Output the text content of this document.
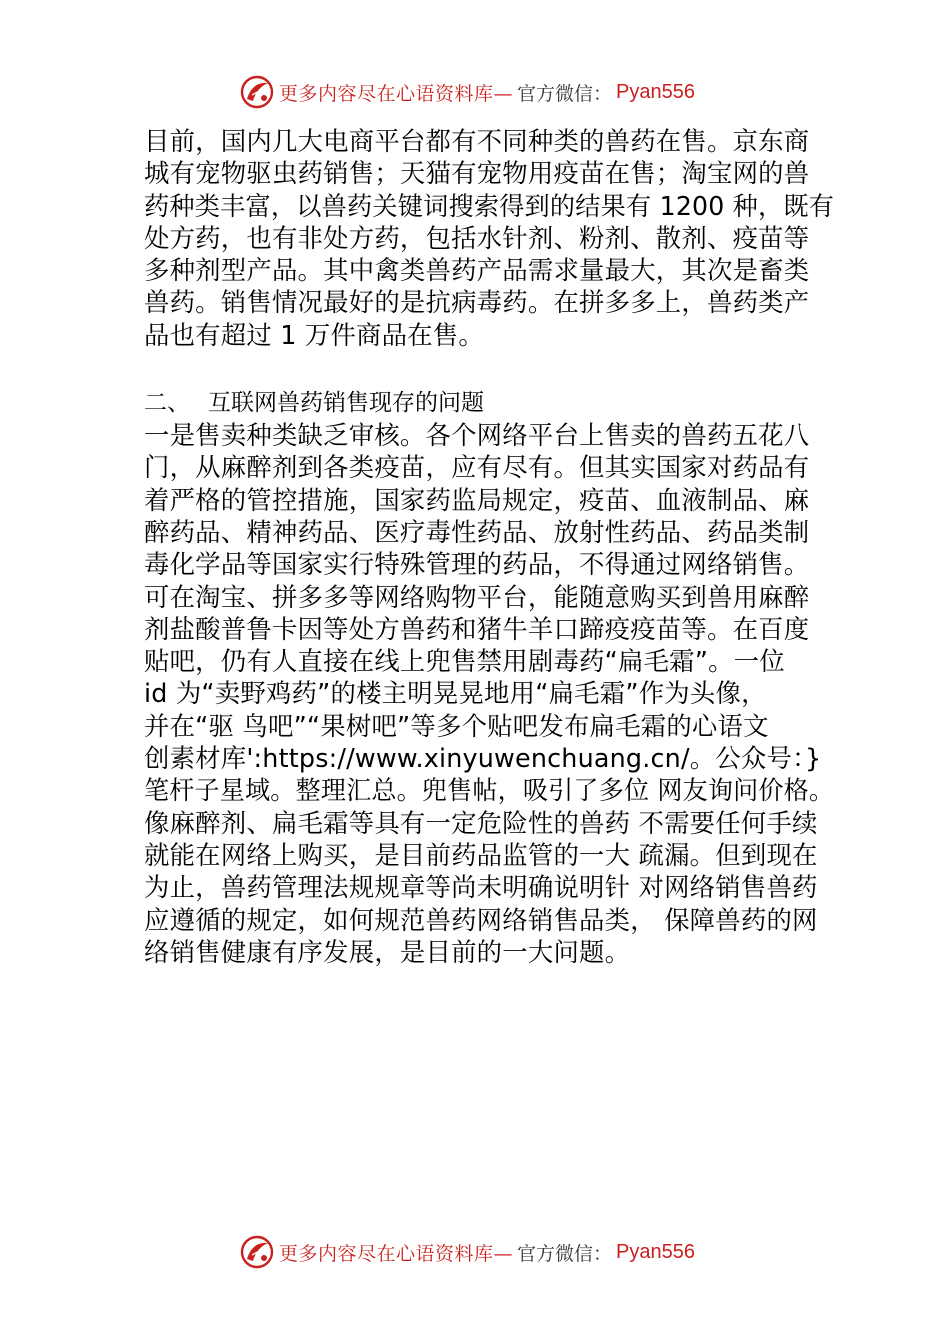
更多内容尽在心语资料库— 官方微信： Pyan556
目前，国内几大电商平台都有不同种类的兽药在售。京东商
城有宠物驱虫药销售；天猫有宠物用疫苗在售；淘宝网的兽
药种类丰富，以兽药关键词搜索得到的结果有 1200 种，既有
处方药，也有非处方药，包括水针剂、粉剂、散剂、疫苗等
多种剂型产品。其中禽类兽药产品需求量最大，其次是畜类
兽药。销售情况最好的是抗病毒药。在拼多多上，兽药类产
品也有超过 1 万件商品在售。
二、 互联网兽药销售现存的问题
一是售卖种类缺乏审核。各个网络平台上售卖的兽药五花八
门，从麻醉剂到各类疫苗，应有尽有。但其实国家对药品有
着严格的管控措施，国家药监局规定，疫苗、血液制品、麻
醉药品、精神药品、医疗毒性药品、放射性药品、药品类制
毒化学品等国家实行特殊管理的药品，不得通过网络销售。
可在淘宝、拼多多等网络购物平台，能随意购买到兽用麻醉
剂盐酸普鲁卡因等处方兽药和猪牛羊口蹄疫疫苗等。在百度
贴吧，仍有人直接在线上兜售禁用剧毒药“扁毛霜”。一位
id 为“卖野鸡药”的楼主明晃晃地用“扁毛霜”作为头像，
并在“驱 鸟吧”“果树吧”等多个贴吧发布扁毛霜的心语文
创素材库':https://www.xinyuwenchuang.cn/。公众号：}
笔杆子星域。整理汇总。兜售帖，吸引了多位 网友询问价格。
像麻醉剂、扁毛霜等具有一定危险性的兽药 不需要任何手续
就能在网络上购买，是目前药品监管的一大 疏漏。但到现在
为止，兽药管理法规规章等尚未明确说明针 对网络销售兽药
应遵循的规定，如何规范兽药网络销售品类， 保障兽药的网
络销售健康有序发展，是目前的一大问题。
更多内容尽在心语资料库— 官方微信： Pyan556
